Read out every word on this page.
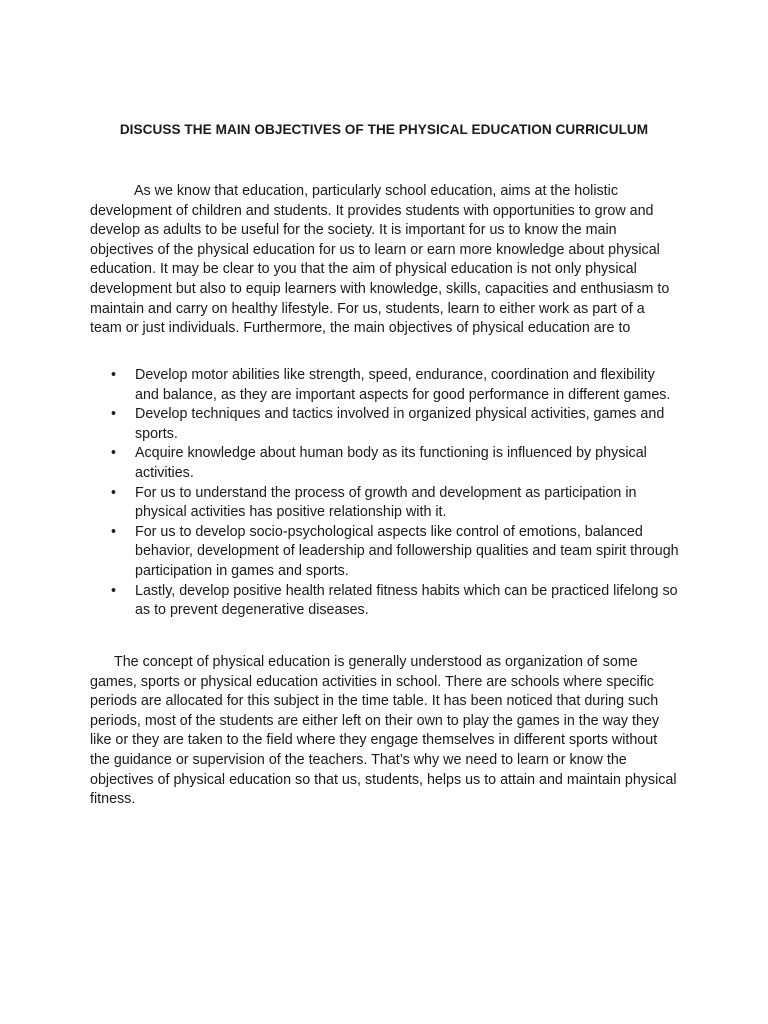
DISCUSS THE MAIN OBJECTIVES OF THE PHYSICAL EDUCATION CURRICULUM

As we know that education, particularly school education, aims at the holistic development of children and students. It provides students with opportunities to grow and develop as adults to be useful for the society. It is important for us to know the main objectives of the physical education for us to learn or earn more knowledge about physical education. It may be clear to you that the aim of physical education is not only physical development but also to equip learners with knowledge, skills, capacities and enthusiasm to maintain and carry on healthy lifestyle. For us, students, learn to either work as part of a team or just individuals. Furthermore, the main objectives of physical education are to

• Develop motor abilities like strength, speed, endurance, coordination and flexibility and balance, as they are important aspects for good performance in different games.
• Develop techniques and tactics involved in organized physical activities, games and sports.
• Acquire knowledge about human body as its functioning is influenced by physical activities.
• For us to understand the process of growth and development as participation in physical activities has positive relationship with it.
• For us to develop socio-psychological aspects like control of emotions, balanced behavior, development of leadership and followership qualities and team spirit through participation in games and sports.
• Lastly, develop positive health related fitness habits which can be practiced lifelong so as to prevent degenerative diseases.

The concept of physical education is generally understood as organization of some games, sports or physical education activities in school. There are schools where specific periods are allocated for this subject in the time table. It has been noticed that during such periods, most of the students are either left on their own to play the games in the way they like or they are taken to the field where they engage themselves in different sports without the guidance or supervision of the teachers. That’s why we need to learn or know the objectives of physical education so that us, students, helps us to attain and maintain physical fitness.
